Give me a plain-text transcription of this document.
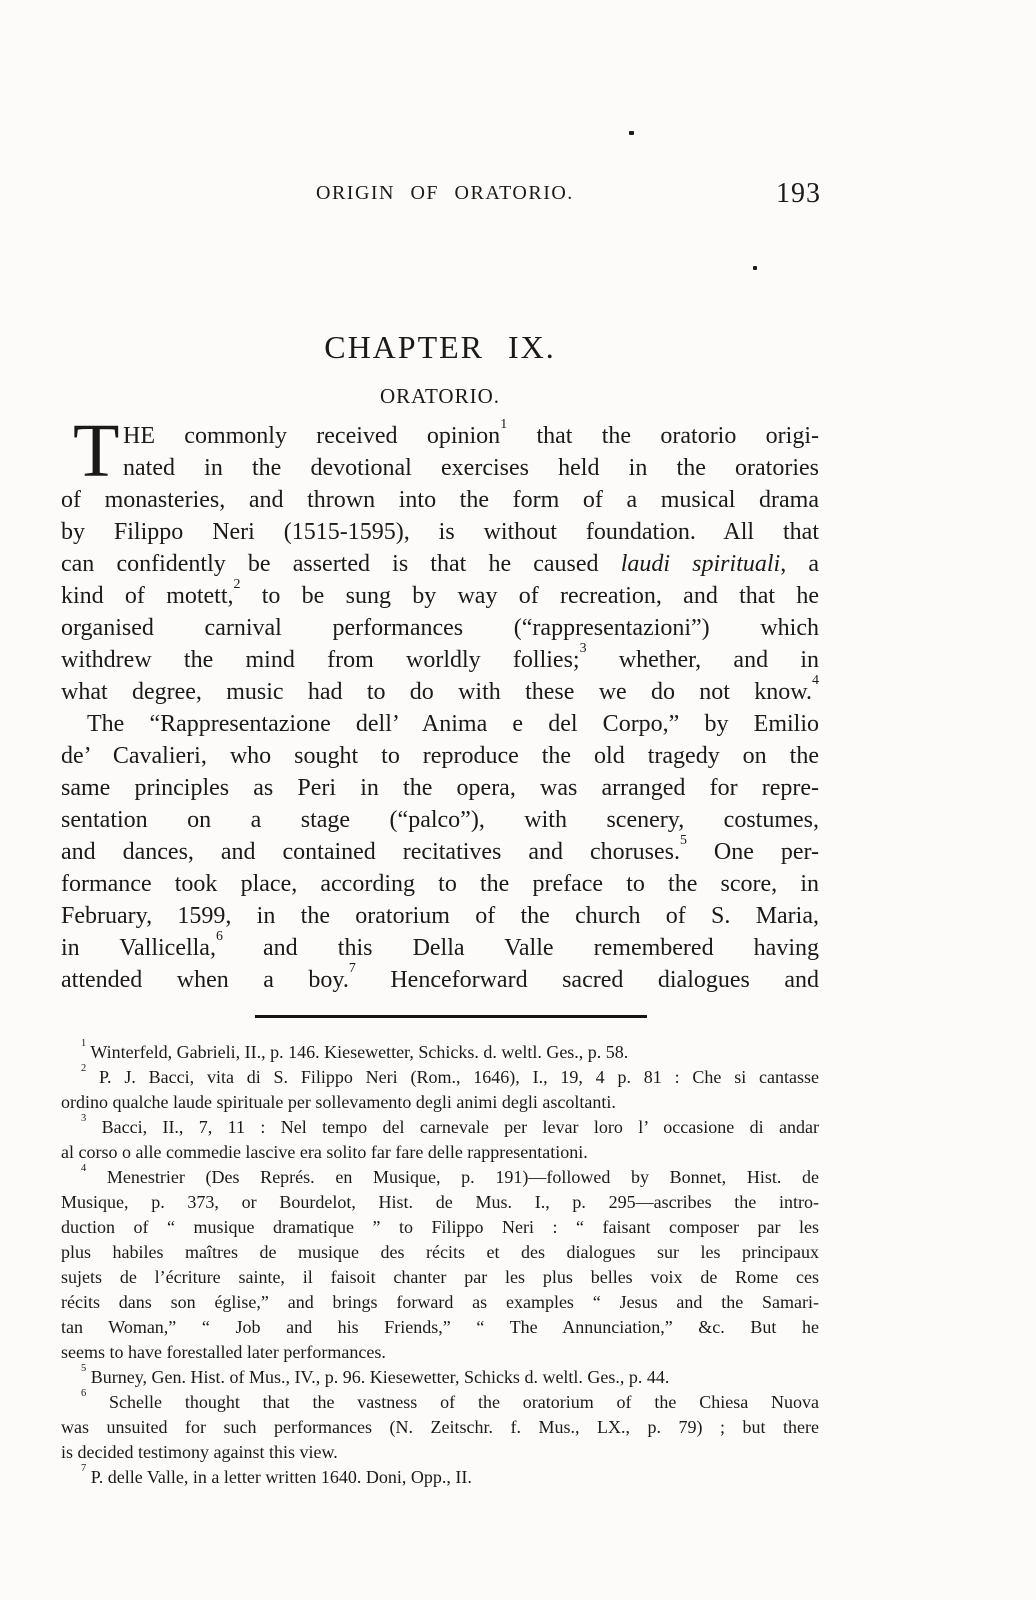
ORIGIN OF ORATORIO.	193
CHAPTER IX.
ORATORIO.
T HE commonly received opinion$^1$ that the oratorio origi-
nated in the devotional exercises held in the oratories
of monasteries, and thrown into the form of a musical drama
by Filippo Neri (1515-1595), is without foundation. All that
can confidently be asserted is that he caused laudi spirituali, a
kind of motett,$^2$ to be sung by way of recreation, and that he
organised carnival performances (“rappresentazioni”) which
withdrew the mind from worldly follies;$^3$ whether, and in
what degree, music had to do with these we do not know.$^4$
The “Rappresentazione dell’ Anima e del Corpo,” by Emilio
de’ Cavalieri, who sought to reproduce the old tragedy on the
same principles as Peri in the opera, was arranged for repre-
sentation on a stage (“palco”), with scenery, costumes,
and dances, and contained recitatives and choruses.$^5$ One per-
formance took place, according to the preface to the score, in
February, 1599, in the oratorium of the church of S. Maria,
in Vallicella,$^6$ and this Della Valle remembered having
attended when a boy.$^7$ Henceforward sacred dialogues and
$^1$ Winterfeld, Gabrieli, II., p. 146. Kiesewetter, Schicks. d. weltl. Ges., p. 58.
$^2$ P. J. Bacci, vita di S. Filippo Neri (Rom., 1646), I., 19, 4 p. 81 : Che si cantasse
ordino qualche laude spirituale per sollevamento degli animi degli ascoltanti.
$^3$ Bacci, II., 7, 11 : Nel tempo del carnevale per levar loro l’ occasione di andar
al corso o alle commedie lascive era solito far fare delle rappresentationi.
$^4$ Menestrier (Des Représ. en Musique, p. 191)—followed by Bonnet, Hist. de
Musique, p. 373, or Bourdelot, Hist. de Mus. I., p. 295—ascribes the intro-
duction of “ musique dramatique ” to Filippo Neri : “ faisant composer par les
plus habiles maîtres de musique des récits et des dialogues sur les principaux
sujets de l’écriture sainte, il faisoit chanter par les plus belles voix de Rome ces
récits dans son église,” and brings forward as examples “ Jesus and the Samari-
tan Woman,” “ Job and his Friends,” “ The Annunciation,” &c. But he
seems to have forestalled later performances.
$^5$ Burney, Gen. Hist. of Mus., IV., p. 96. Kiesewetter, Schicks d. weltl. Ges., p. 44.
$^6$ Schelle thought that the vastness of the oratorium of the Chiesa Nuova
was unsuited for such performances (N. Zeitschr. f. Mus., LX., p. 79) ; but there
is decided testimony against this view.
$^7$ P. delle Valle, in a letter written 1640. Doni, Opp., II.
